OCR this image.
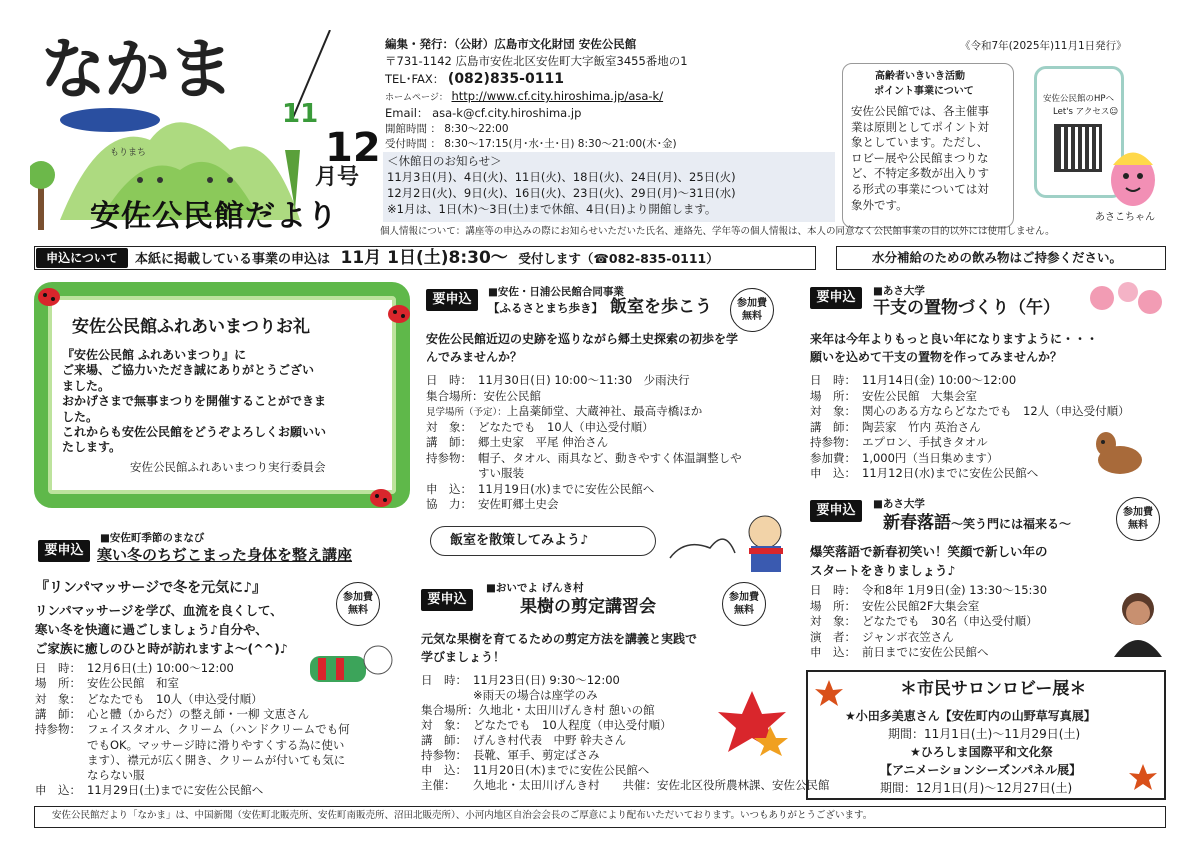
なかま
11
12
月号
もりまち
安佐公民館だより
編集・発行：（公財）広島市文化財団 安佐公民館
〒731-1142 広島市安佐北区安佐町大字飯室3455番地の1
TEL･FAX： (082)835-0111
ホームページ： http://www.cf.city.hiroshima.jp/asa-k/
Email： asa-k@cf.city.hiroshima.jp
開館時間 ： 8:30～22:00
受付時間 ： 8:30～17:15(月･水･土･日) 8:30～21:00(木･金)
＜休館日のお知らせ＞
11月3日(月)、4日(火)、11日(火)、18日(火)、24日(月)、25日(火)
12月2日(火)、9日(火)、16日(火)、23日(火)、29日(月)～31日(水)
※1月は、1日(木)～3日(土)まで休館、4日(日)より開館します。
《令和7年(2025年)11月1日発行》
高齢者いきいき活動
ポイント事業について
安佐公民館では、各主催事
業は原則としてポイント対
象としています。ただし、
ロビー展や公民館まつりな
ど、不特定多数が出入りす
る形式の事業については対
象外です。
安佐公民館のHPへ
Let's アクセス☺
あさこちゃん
個人情報について：講座等の申込みの際にお知らせいただいた氏名、連絡先、学年等の個人情報は、本人の同意なく公民館事業の目的以外には使用しません。
申込について	本紙に掲載している事業の申込は 11月 1日(土)8:30～ 受付します（☎082-835-0111）	水分補給のための飲み物はご持参ください。
安佐公民館ふれあいまつりお礼
『安佐公民館 ふれあいまつり』に
ご来場、ご協力いただき誠にありがとうござい
ました。
おかげさまで無事まつりを開催することができま
した。
これからも安佐公民館をどうぞよろしくお願いい
たします。
安佐公民館ふれあいまつり実行委員会
要申込
■安佐町季節のまなび
寒い冬のちぢこまった身体を整え講座
『リンパマッサージで冬を元気に♪』
参加費
無料
リンパマッサージを学び、血流を良くして、
寒い冬を快適に過ごしましょう♪自分や、
ご家族に癒しのひと時が訪れますよ～(^^)♪
日　時： 12月6日(土) 10:00～12:00
場　所： 安佐公民館　和室
対　象： どなたでも　10人（申込受付順）
講　師： 心と體（からだ）の整え師・一柳 文恵さん
持参物： フェイスタオル、クリーム（ハンドクリームでも何
でもOK。マッサージ時に滑りやすくする為に使い
ます）、襟元が広く開き、クリームが付いても気に
ならない服
申　込： 11月29日(土)までに安佐公民館へ
要申込	■安佐・日浦公民館合同事業
【ふるさとまち歩き】 飯室を歩こう	参加費
無料
安佐公民館近辺の史跡を巡りながら郷土史探索の初歩を学
んでみませんか？
日　時： 11月30日(日) 10:00～11:30　少雨決行
集合場所：安佐公民館
見学場所（予定）：上畠薬師堂、大蔵神社、最高寺橋ほか
対　象： どなたでも　10人（申込受付順）
講　師： 郷土史家　平尾 伸治さん
持参物： 帽子、タオル、雨具など、動きやすく体温調整しや
すい服装
申　込： 11月19日(水)までに安佐公民館へ
協　力： 安佐町郷土史会
飯室を散策してみよう♪
要申込
■おいでよ げんき村
果樹の剪定講習会	参加費
無料
元気な果樹を育てるための剪定方法を講義と実践で
学びましょう！
日　時： 11月23日(日) 9:30～12:00
※雨天の場合は座学のみ
集合場所：久地北・太田川げんき村 憩いの館
対　象： どなたでも　10人程度（申込受付順）
講　師： げんき村代表　中野 幹夫さん
持参物： 長靴、軍手、剪定ばさみ
申　込： 11月20日(木)までに安佐公民館へ
主催： 久地北・太田川げんき村　　共催：安佐北区役所農林課、安佐公民館
要申込	■あさ大学
干支の置物づくり（午）
来年は今年よりもっと良い年になりますように・・・
願いを込めて干支の置物を作ってみませんか？
日　時： 11月14日(金) 10:00～12:00
場　所： 安佐公民館　大集会室
対　象： 関心のある方ならどなたでも　12人（申込受付順）
講　師： 陶芸家　竹内 英治さん
持参物： エプロン、手拭きタオル
参加費： 1,000円（当日集めます）
申　込： 11月12日(水)までに安佐公民館へ
要申込	■あさ大学
新春落語～笑う門には福来る～
参加費
無料
爆笑落語で新春初笑い！笑顔で新しい年の
スタートをきりましょう♪
日　時： 令和8年 1月9日(金) 13:30～15:30
場　所： 安佐公民館2F大集会室
対　象： どなたでも　30名（申込受付順）
演　者： ジャンボ衣笠さん
申　込： 前日までに安佐公民館へ
＊市民サロンロビー展＊
★小田多美恵さん【安佐町内の山野草写真展】
期間：11月1日(土)～11月29日(土)
★ひろしま国際平和文化祭
【アニメーションシーズンパネル展】
期間：12月1日(月)～12月27日(土)
安佐公民館だより「なかま」は、中国新聞（安佐町北販売所、安佐町南販売所、沼田北販売所）、小河内地区自治会会長のご厚意により配布いただいております。いつもありがとうございます。
